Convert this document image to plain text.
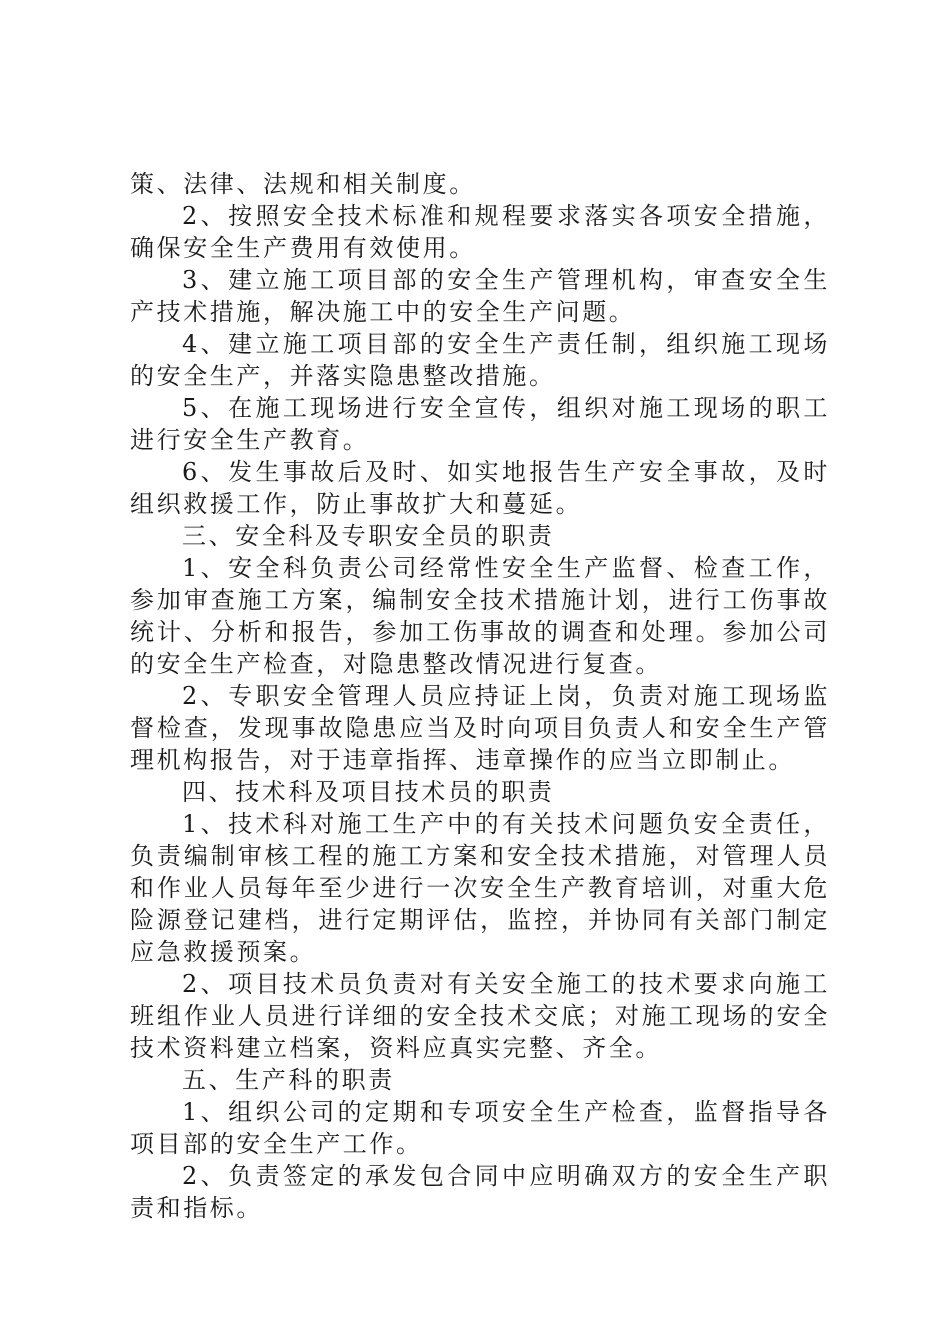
策、法律、法规和相关制度。

2、按照安全技术标准和规程要求落实各项安全措施，确保安全生产费用有效使用。

3、建立施工项目部的安全生产管理机构，审查安全生产技术措施，解决施工中的安全生产问题。

4、建立施工项目部的安全生产责任制，组织施工现场的安全生产，并落实隐患整改措施。

5、在施工现场进行安全宣传，组织对施工现场的职工进行安全生产教育。

6、发生事故后及时、如实地报告生产安全事故，及时组织救援工作，防止事故扩大和蔓延。

三、安全科及专职安全员的职责

1、安全科负责公司经常性安全生产监督、检查工作，参加审查施工方案，编制安全技术措施计划，进行工伤事故统计、分析和报告，参加工伤事故的调查和处理。参加公司的安全生产检查，对隐患整改情况进行复查。

2、专职安全管理人员应持证上岗，负责对施工现场监督检查，发现事故隐患应当及时向项目负责人和安全生产管理机构报告，对于违章指挥、违章操作的应当立即制止。

四、技术科及项目技术员的职责

1、技术科对施工生产中的有关技术问题负安全责任，负责编制审核工程的施工方案和安全技术措施，对管理人员和作业人员每年至少进行一次安全生产教育培训，对重大危险源登记建档，进行定期评估，监控，并协同有关部门制定应急救援预案。

2、项目技术员负责对有关安全施工的技术要求向施工班组作业人员进行详细的安全技术交底；对施工现场的安全技术资料建立档案，资料应真实完整、齐全。

五、生产科的职责

1、组织公司的定期和专项安全生产检查，监督指导各项目部的安全生产工作。

2、负责签定的承发包合同中应明确双方的安全生产职责和指标。
